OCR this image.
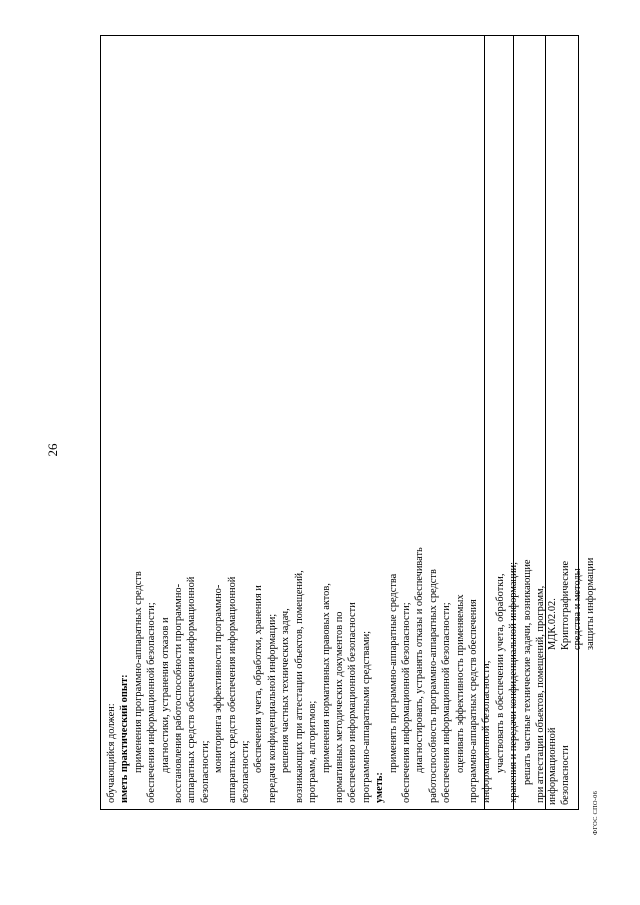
26
обучающийся должен: иметь практический опыт: применения программно-аппаратных средств обеспечения информационной безопасности; диагностики, устранения отказов и восстановления работоспособности программно- аппаратных средств обеспечения информационной безопасности; мониторинга эффективности программно- аппаратных средств обеспечения информационной безопасности; обеспечения учета, обработки, хранения и передачи конфиденциальной информации; решения частных технических задач, возникающих при аттестации объектов, помещений, программ, алгоритмов; применения нормативных правовых актов, нормативных методических документов по обеспечению информационной безопасности программно-аппаратными средствами; уметь:
применять программно-аппаратные средства обеспечения информационной безопасности; диагностировать, устранять отказы и обеспечивать работоспособность программно-аппаратных средств обеспечения информационной безопасности; оценивать эффективность применяемых программно-аппаратных средств обеспечения информационной безопасности; участвовать в обеспечении учета, обработки, хранения и передачи конфиденциальной информации; решать частные технические задачи, возникающие при аттестации объектов, помещений, программ, информационной безопасности
МДК.02.02. Криптографические средства и методы защиты информации
ФГОС СПО-06
